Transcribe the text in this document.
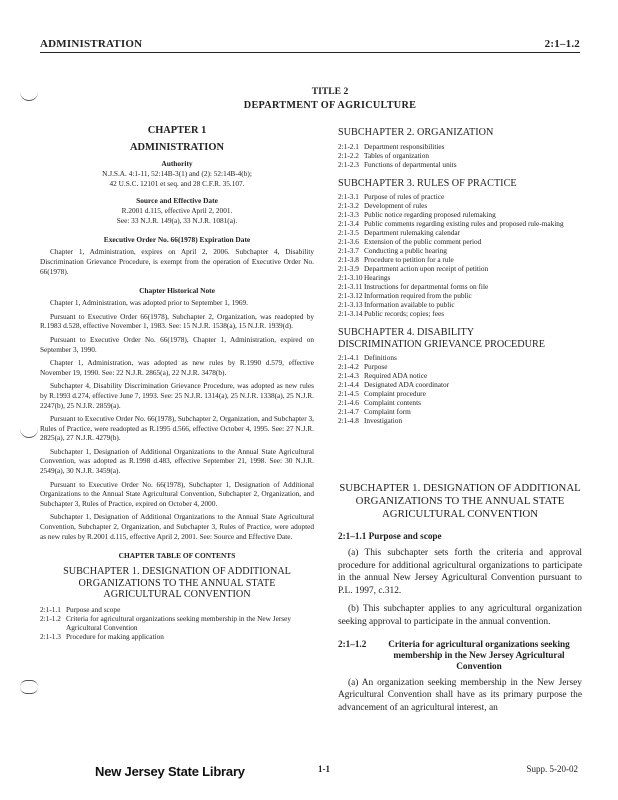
ADMINISTRATION	2:1–1.2
TITLE 2
DEPARTMENT OF AGRICULTURE
CHAPTER 1
ADMINISTRATION
Authority
N.J.S.A. 4:1-11, 52:14B-3(1) and (2): 52:14B-4(b);
42 U.S.C. 12101 et seq. and 28 C.F.R. 35.107.
Source and Effective Date
R.2001 d.115, effective April 2, 2001.
See: 33 N.J.R. 149(a), 33 N.J.R. 1081(a).
Executive Order No. 66(1978) Expiration Date

Chapter 1, Administration, expires on April 2, 2006. Subchapter 4, Disability Discrimination Grievance Procedure, is exempt from the operation of Executive Order No. 66(1978).

Chapter Historical Note

Chapter 1, Administration, was adopted prior to September 1, 1969.

Pursuant to Executive Order 66(1978), Subchapter 2, Organization, was readopted by R.1983 d.528, effective November 1, 1983. See: 15 N.J.R. 1538(a), 15 N.J.R. 1939(d).

Pursuant to Executive Order No. 66(1978), Chapter 1, Administration, expired on September 3, 1990.

Chapter 1, Administration, was adopted as new rules by R.1990 d.579, effective November 19, 1990. See: 22 N.J.R. 2865(a), 22 N.J.R. 3478(b).

Subchapter 4, Disability Discrimination Grievance Procedure, was adopted as new rules by R.1993 d.274, effective June 7, 1993. See: 25 N.J.R. 1314(a), 25 N.J.R. 1338(a), 25 N.J.R. 2247(b), 25 N.J.R. 2859(a).

Pursuant to Executive Order No. 66(1978), Subchapter 2, Organization, and Subchapter 3, Rules of Practice, were readopted as R.1995 d.566, effective October 4, 1995. See: 27 N.J.R. 2825(a), 27 N.J.R. 4279(b).

Subchapter 1, Designation of Additional Organizations to the Annual State Agricultural Convention, was adopted as R.1998 d.483, effective September 21, 1998. See: 30 N.J.R. 2549(a), 30 N.J.R. 3459(a).

Pursuant to Executive Order No. 66(1978), Subchapter 1, Designation of Additional Organizations to the Annual State Agricultural Convention, Subchapter 2, Organization, and Subchapter 3, Rules of Practice, expired on October 4, 2000.

Subchapter 1, Designation of Additional Organizations to the Annual State Agricultural Convention, Subchapter 2, Organization, and Subchapter 3, Rules of Practice, were adopted as new rules by R.2001 d.115, effective April 2, 2001. See: Source and Effective Date.

CHAPTER TABLE OF CONTENTS
SUBCHAPTER 1. DESIGNATION OF ADDITIONAL ORGANIZATIONS TO THE ANNUAL STATE AGRICULTURAL CONVENTION
2:1-1.1 Purpose and scope
2:1-1.2 Criteria for agricultural organizations seeking membership in the New Jersey Agricultural Convention
2:1-1.3 Procedure for making application
SUBCHAPTER 2. ORGANIZATION
2:1-2.1 Department responsibilities
2:1-2.2 Tables of organization
2:1-2.3 Functions of departmental units
SUBCHAPTER 3. RULES OF PRACTICE
2:1-3.1 Purpose of rules of practice
2:1-3.2 Development of rules
2:1-3.3 Public notice regarding proposed rulemaking
2:1-3.4 Public comments regarding existing rules and proposed rule-making
2:1-3.5 Department rulemaking calendar
2:1-3.6 Extension of the public comment period
2:1-3.7 Conducting a public hearing
2:1-3.8 Procedure to petition for a rule
2:1-3.9 Department action upon receipt of petition
2:1-3.10 Hearings
2:1-3.11 Instructions for departmental forms on file
2:1-3.12 Information required from the public
2:1-3.13 Information available to public
2:1-3.14 Public records; copies; fees
SUBCHAPTER 4. DISABILITY DISCRIMINATION GRIEVANCE PROCEDURE
2:1-4.1 Definitions
2:1-4.2 Purpose
2:1-4.3 Required ADA notice
2:1-4.4 Designated ADA coordinator
2:1-4.5 Complaint procedure
2:1-4.6 Complaint contents
2:1-4.7 Complaint form
2:1-4.8 Investigation
SUBCHAPTER 1. DESIGNATION OF ADDITIONAL ORGANIZATIONS TO THE ANNUAL STATE AGRICULTURAL CONVENTION
2:1–1.1 Purpose and scope

(a) This subchapter sets forth the criteria and approval procedure for additional agricultural organizations to participate in the annual New Jersey Agricultural Convention pursuant to P.L. 1997, c.312.

(b) This subchapter applies to any agricultural organization seeking approval to participate in the annual convention.

2:1–1.2	Criteria for agricultural organizations seeking membership in the New Jersey Agricultural Convention

(a) An organization seeking membership in the New Jersey Agricultural Convention shall have as its primary purpose the advancement of an agricultural interest, an

New Jersey State Library	1-1	Supp. 5-20-02
